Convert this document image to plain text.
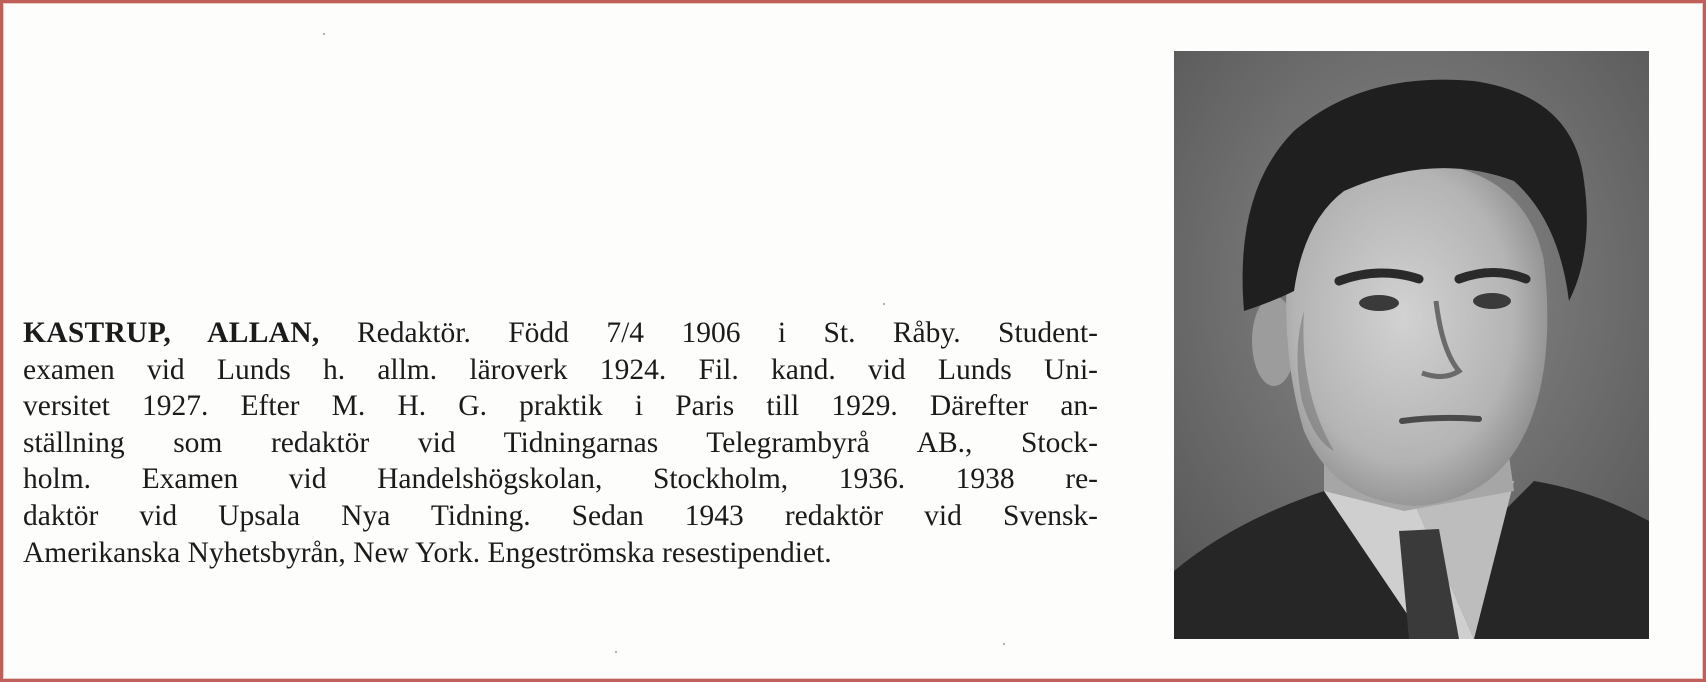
KASTRUP, ALLAN, Redaktör. Född 7/4 1906 i St. Råby. Student-
examen vid Lunds h. allm. läroverk 1924. Fil. kand. vid Lunds Uni-
versitet 1927. Efter M. H. G. praktik i Paris till 1929. Därefter an-
ställning som redaktör vid Tidningarnas Telegrambyrå AB., Stock-
holm. Examen vid Handelshögskolan, Stockholm, 1936. 1938 re-
daktör vid Upsala Nya Tidning. Sedan 1943 redaktör vid Svensk-
Amerikanska Nyhetsbyrån, New York. Engeströmska resestipendiet.
